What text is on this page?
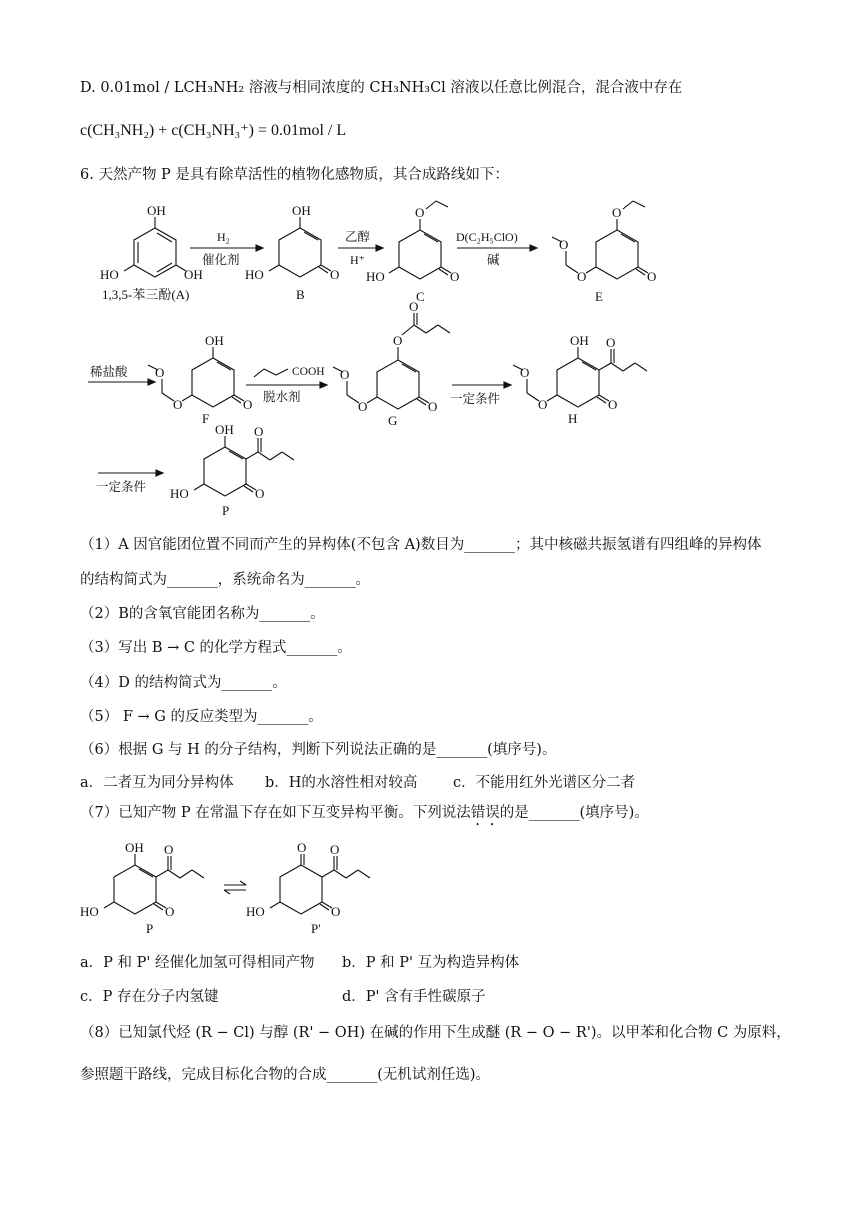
D. 0.01mol / LCH₃NH₂ 溶液与相同浓度的 CH₃NH₃Cl 溶液以任意比例混合，混合液中存在
c(CH₃NH₂) + c(CH₃NH₃⁺) = 0.01mol / L
6. 天然产物 P 是具有除草活性的植物化感物质，其合成路线如下：
OH
HO	OH
1,3,5-苯三酚(A)
H₂
催化剂
OH
HO	O
B
乙醇
H⁺
O
HO	O
C
D(C₂H₅ClO)
碱
O
O
O
O
E
稀盐酸
OH
O
O
O
F
COOH
脱水剂
O
O
O
O
O
G
一定条件
OH O
O
O
O
H
一定条件
OH O
HO	O
P
（1）A 因官能团位置不同而产生的异构体(不包含 A)数目为_______；其中核磁共振氢谱有四组峰的异构体
的结构简式为_______，系统命名为_______。
（2）B的含氧官能团名称为_______。
（3）写出 B → C 的化学方程式_______。
（4）D 的结构简式为_______。
（5） F → G 的反应类型为_______。
（6）根据 G 与 H 的分子结构，判断下列说法正确的是_______(填序号)。
a．二者互为同分异构体 b．H的水溶性相对较高 c．不能用红外光谱区分二者
（7）已知产物 P 在常温下存在如下互变异构平衡。下列说法错误的是_______(填序号)。
OH O
HO	O
P
O O
HO	O
P'
a．P 和 P' 经催化加氢可得相同产物 b．P 和 P' 互为构造异构体
c．P 存在分子内氢键	d．P' 含有手性碳原子
（8）已知氯代烃 (R − Cl) 与醇 (R' − OH) 在碱的作用下生成醚 (R − O − R')。以甲苯和化合物 C 为原料，
参照题干路线，完成目标化合物的合成_______(无机试剂任选)。
